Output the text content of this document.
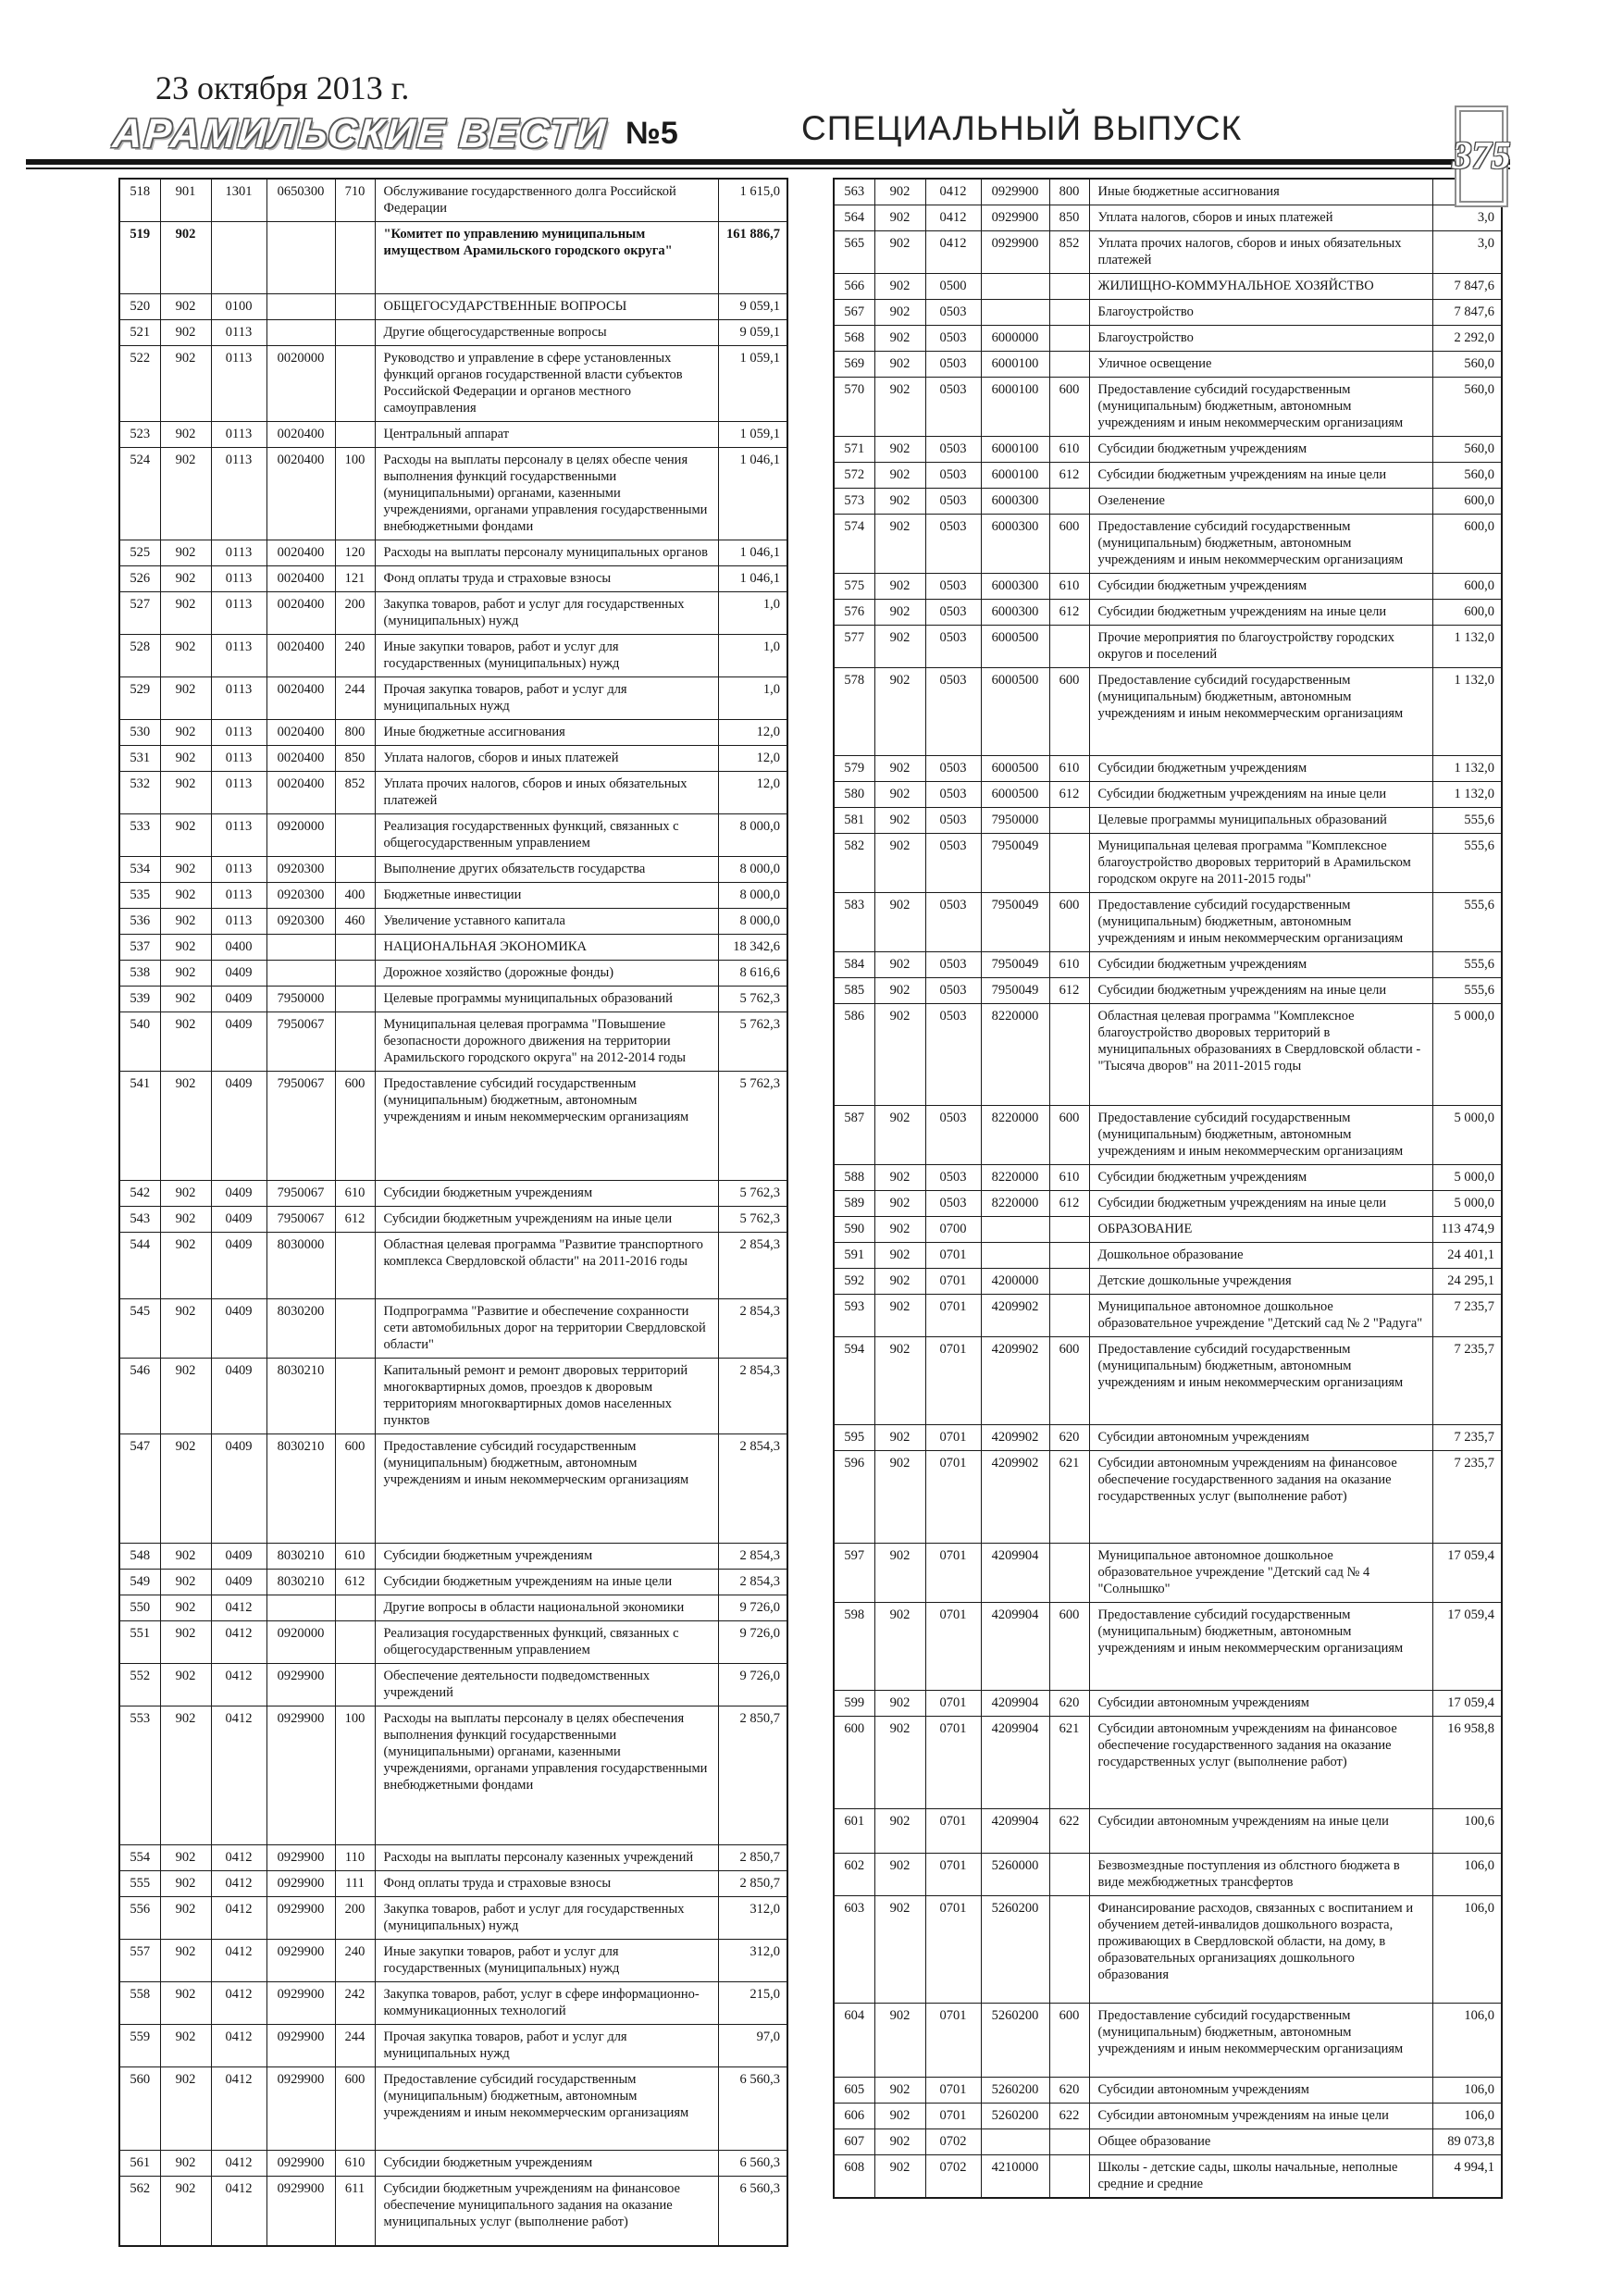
23 октября 2013 г.
АРАМИЛЬСКИЕ ВЕСТИ №5	СПЕЦИАЛЬНЫЙ ВЫПУСК
375
518	901	1301	0650300	710	Обслуживание государственного долга Российской Федерации	1 615,0
519	902				"Комитет по управлению муниципальным имуществом Арамильского городского округа"	161 886,7
520	902	0100			ОБЩЕГОСУДАРСТВЕННЫЕ ВОПРОСЫ	9 059,1
521	902	0113			Другие общегосударственные вопросы	9 059,1
522	902	0113	0020000		Руководство и управление в сфере установленных функций органов государственной власти субъектов Российской Федерации и органов местного самоуправления	1 059,1
523	902	0113	0020400		Центральный аппарат	1 059,1
524	902	0113	0020400	100	Расходы на выплаты персоналу в целях обеспе чения выполнения функций государственными (муниципальными) органами, казенными учреждениями, органами управления государственными внебюджетными фондами	1 046,1
525	902	0113	0020400	120	Расходы на выплаты персоналу муниципальных органов	1 046,1
526	902	0113	0020400	121	Фонд оплаты труда и страховые взносы	1 046,1
527	902	0113	0020400	200	Закупка товаров, работ и услуг для государственных (муниципальных) нужд	1,0
528	902	0113	0020400	240	Иные закупки товаров, работ и услуг для государственных (муниципальных) нужд	1,0
529	902	0113	0020400	244	Прочая закупка товаров, работ и услуг для муниципальных нужд	1,0
530	902	0113	0020400	800	Иные бюджетные ассигнования	12,0
531	902	0113	0020400	850	Уплата налогов, сборов и иных платежей	12,0
532	902	0113	0020400	852	Уплата прочих налогов, сборов и иных обязательных платежей	12,0
533	902	0113	0920000		Реализация государственных функций, связанных с общегосударственным управлением	8 000,0
534	902	0113	0920300		Выполнение других обязательств государства	8 000,0
535	902	0113	0920300	400	Бюджетные инвестиции	8 000,0
536	902	0113	0920300	460	Увеличение уставного капитала	8 000,0
537	902	0400			НАЦИОНАЛЬНАЯ ЭКОНОМИКА	18 342,6
538	902	0409			Дорожное хозяйство (дорожные фонды)	8 616,6
539	902	0409	7950000		Целевые программы муниципальных образований	5 762,3
540	902	0409	7950067		Муниципальная целевая программа "Повышение безопасности дорожного движения на территории Арамильского городского округа" на 2012-2014 годы	5 762,3
541	902	0409	7950067	600	Предоставление субсидий государственным (муниципальным) бюджетным, автономным учреждениям и иным некоммерческим организациям	5 762,3
542	902	0409	7950067	610	Субсидии бюджетным учреждениям	5 762,3
543	902	0409	7950067	612	Субсидии бюджетным учреждениям на иные цели	5 762,3
544	902	0409	8030000		Областная целевая программа "Развитие транспортного комплекса Свердловской области" на 2011-2016 годы	2 854,3
545	902	0409	8030200		Подпрограмма "Развитие и обеспечение сохранности сети автомобильных дорог на территории Свердловской области"	2 854,3
546	902	0409	8030210		Капитальный ремонт и ремонт дворовых территорий многоквартирных домов, проездов к дворовым территориям многоквартирных домов населенных пунктов	2 854,3
547	902	0409	8030210	600	Предоставление субсидий государственным (муниципальным) бюджетным, автономным учреждениям и иным некоммерческим организациям	2 854,3
548	902	0409	8030210	610	Субсидии бюджетным учреждениям	2 854,3
549	902	0409	8030210	612	Субсидии бюджетным учреждениям на иные цели	2 854,3
550	902	0412			Другие вопросы в области национальной экономики	9 726,0
551	902	0412	0920000		Реализация государственных функций, связанных с общегосударственным управлением	9 726,0
552	902	0412	0929900		Обеспечение деятельности подведомственных учреждений	9 726,0
553	902	0412	0929900	100	Расходы на выплаты персоналу в целях обеспечения выполнения функций государственными (муниципальными) органами, казенными учреждениями, органами управления государственными внебюджетными фондами	2 850,7
554	902	0412	0929900	110	Расходы на выплаты персоналу казенных учреждений	2 850,7
555	902	0412	0929900	111	Фонд оплаты труда и страховые взносы	2 850,7
556	902	0412	0929900	200	Закупка товаров, работ и услуг для государственных (муниципальных) нужд	312,0
557	902	0412	0929900	240	Иные закупки товаров, работ и услуг для государственных (муниципальных) нужд	312,0
558	902	0412	0929900	242	Закупка товаров, работ, услуг в сфере информационно-коммуникационных технологий	215,0
559	902	0412	0929900	244	Прочая закупка товаров, работ и услуг для муниципальных нужд	97,0
560	902	0412	0929900	600	Предоставление субсидий государственным (муниципальным) бюджетным, автономным учреждениям и иным некоммерческим организациям	6 560,3
561	902	0412	0929900	610	Субсидии бюджетным учреждениям	6 560,3
562	902	0412	0929900	611	Субсидии бюджетным учреждениям на финансовое обеспечение муниципального задания на оказание муниципальных услуг (выполнение работ)	6 560,3
563	902	0412	0929900	800	Иные бюджетные ассигнования	
564	902	0412	0929900	850	Уплата налогов, сборов и иных платежей	3,0
565	902	0412	0929900	852	Уплата прочих налогов, сборов и иных обязательных платежей	3,0
566	902	0500			ЖИЛИЩНО-КОММУНАЛЬНОЕ ХОЗЯЙСТВО	7 847,6
567	902	0503			Благоустройство	7 847,6
568	902	0503	6000000		Благоустройство	2 292,0
569	902	0503	6000100		Уличное освещение	560,0
570	902	0503	6000100	600	Предоставление субсидий государственным (муниципальным) бюджетным, автономным учреждениям и иным некоммерческим организациям	560,0
571	902	0503	6000100	610	Субсидии бюджетным учреждениям	560,0
572	902	0503	6000100	612	Субсидии бюджетным учреждениям на иные цели	560,0
573	902	0503	6000300		Озеленение	600,0
574	902	0503	6000300	600	Предоставление субсидий государственным (муниципальным) бюджетным, автономным учреждениям и иным некоммерческим организациям	600,0
575	902	0503	6000300	610	Субсидии бюджетным учреждениям	600,0
576	902	0503	6000300	612	Субсидии бюджетным учреждениям на иные цели	600,0
577	902	0503	6000500		Прочие мероприятия по благоустройству городских округов и поселений	1 132,0
578	902	0503	6000500	600	Предоставление субсидий государственным (муниципальным) бюджетным, автономным учреждениям и иным некоммерческим организациям	1 132,0
579	902	0503	6000500	610	Субсидии бюджетным учреждениям	1 132,0
580	902	0503	6000500	612	Субсидии бюджетным учреждениям на иные цели	1 132,0
581	902	0503	7950000		Целевые программы муниципальных образований	555,6
582	902	0503	7950049		Муниципальная целевая программа "Комплексное благоустройство дворовых территорий в Арамильском городском округе на 2011-2015 годы"	555,6
583	902	0503	7950049	600	Предоставление субсидий государственным (муниципальным) бюджетным, автономным учреждениям и иным некоммерческим организациям	555,6
584	902	0503	7950049	610	Субсидии бюджетным учреждениям	555,6
585	902	0503	7950049	612	Субсидии бюджетным учреждениям на иные цели	555,6
586	902	0503	8220000		Областная целевая программа "Комплексное благоустройство дворовых территорий в муниципальных образованиях в Свердловской области - "Тысяча дворов" на 2011-2015 годы	5 000,0
587	902	0503	8220000	600	Предоставление субсидий государственным (муниципальным) бюджетным, автономным учреждениям и иным некоммерческим организациям	5 000,0
588	902	0503	8220000	610	Субсидии бюджетным учреждениям	5 000,0
589	902	0503	8220000	612	Субсидии бюджетным учреждениям на иные цели	5 000,0
590	902	0700			ОБРАЗОВАНИЕ	113 474,9
591	902	0701			Дошкольное образование	24 401,1
592	902	0701	4200000		Детские дошкольные учреждения	24 295,1
593	902	0701	4209902		Муниципальное автономное дошкольное образовательное учреждение "Детский сад № 2 "Радуга"	7 235,7
594	902	0701	4209902	600	Предоставление субсидий государственным (муниципальным) бюджетным, автономным учреждениям и иным некоммерческим организациям	7 235,7
595	902	0701	4209902	620	Субсидии автономным учреждениям	7 235,7
596	902	0701	4209902	621	Субсидии автономным учреждениям на финансовое обеспечение государственного задания на оказание государственных услуг (выполнение работ)	7 235,7
597	902	0701	4209904		Муниципальное автономное дошкольное образовательное учреждение "Детский сад № 4 "Солнышко"	17 059,4
598	902	0701	4209904	600	Предоставление субсидий государственным (муниципальным) бюджетным, автономным учреждениям и иным некоммерческим организациям	17 059,4
599	902	0701	4209904	620	Субсидии автономным учреждениям	17 059,4
600	902	0701	4209904	621	Субсидии автономным учреждениям на финансовое обеспечение государственного задания на оказание государственных услуг (выполнение работ)	16 958,8
601	902	0701	4209904	622	Субсидии автономным учреждениям на иные цели	100,6
602	902	0701	5260000		Безвозмездные поступления из облстного бюджета в виде межбюджетных трансфертов	106,0
603	902	0701	5260200		Финансирование расходов, связанных с воспитанием и обучением детей-инвалидов дошкольного возраста, проживающих в Свердловской области, на дому, в образовательных организациях дошкольного образования	106,0
604	902	0701	5260200	600	Предоставление субсидий государственным (муниципальным) бюджетным, автономным учреждениям и иным некоммерческим организациям	106,0
605	902	0701	5260200	620	Субсидии автономным учреждениям	106,0
606	902	0701	5260200	622	Субсидии автономным учреждениям на иные цели	106,0
607	902	0702			Общее образование	89 073,8
608	902	0702	4210000		Школы - детские сады, школы начальные, неполные средние и средние	4 994,1
